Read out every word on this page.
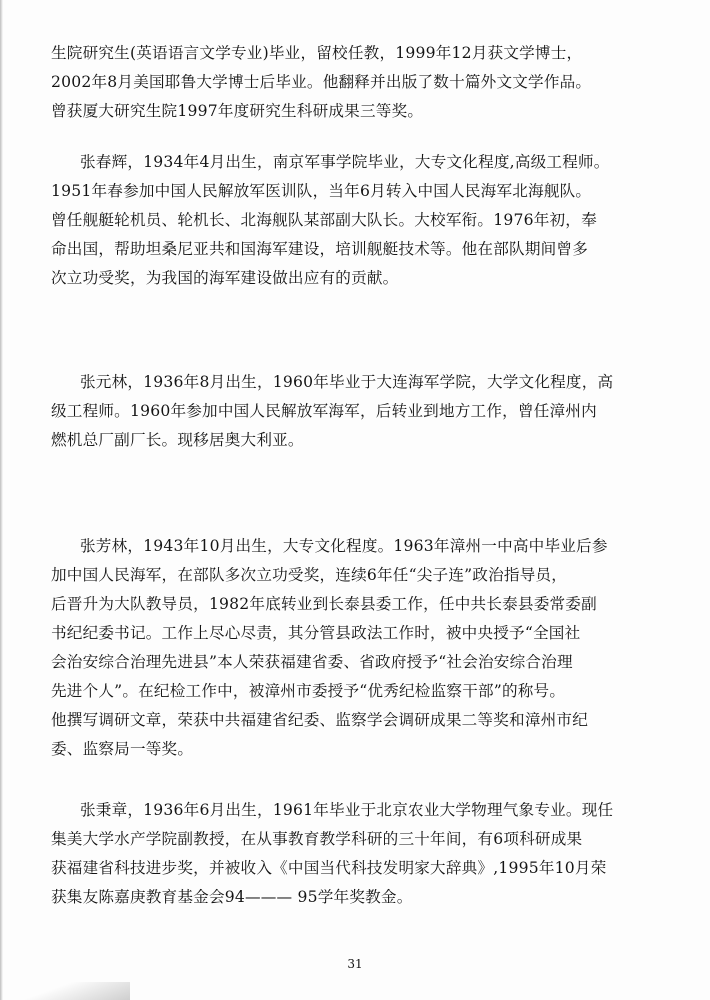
生院研究生(英语语言文学专业)毕业，留校任教，1999年12月获文学博士，
2002年8月美国耶鲁大学博士后毕业。他翻释并出版了数十篇外文文学作品。
曾获厦大研究生院1997年度研究生科研成果三等奖。
张春辉，1934年4月出生，南京军事学院毕业，大专文化程度,高级工程师。
1951年春参加中国人民解放军医训队，当年6月转入中国人民海军北海舰队。
曾任舰艇轮机员、轮机长、北海舰队某部副大队长。大校军衔。1976年初，奉
命出国，帮助坦桑尼亚共和国海军建设，培训舰艇技术等。他在部队期间曾多
次立功受奖，为我国的海军建设做出应有的贡献。
张元林，1936年8月出生，1960年毕业于大连海军学院，大学文化程度，高
级工程师。1960年参加中国人民解放军海军，后转业到地方工作，曾任漳州内
燃机总厂副厂长。现移居奥大利亚。
张芳林，1943年10月出生，大专文化程度。1963年漳州一中高中毕业后参
加中国人民海军，在部队多次立功受奖，连续6年任“尖子连”政治指导员，
后晋升为大队教导员，1982年底转业到长泰县委工作，任中共长泰县委常委副
书纪纪委书记。工作上尽心尽责，其分管县政法工作时，被中央授予“全国社
会治安综合治理先进县”本人荣获福建省委、省政府授予“社会治安综合治理
先进个人”。在纪检工作中，被漳州市委授予“优秀纪检监察干部”的称号。
他撰写调研文章，荣获中共福建省纪委、监察学会调研成果二等奖和漳州市纪
委、监察局一等奖。
张秉章，1936年6月出生，1961年毕业于北京农业大学物理气象专业。现任
集美大学水产学院副教授，在从事教育教学科研的三十年间，有6项科研成果
获福建省科技进步奖，并被收入《中国当代科技发明家大辞典》,1995年10月荣
获集友陈嘉庚教育基金会94——— 95学年奖教金。
31
